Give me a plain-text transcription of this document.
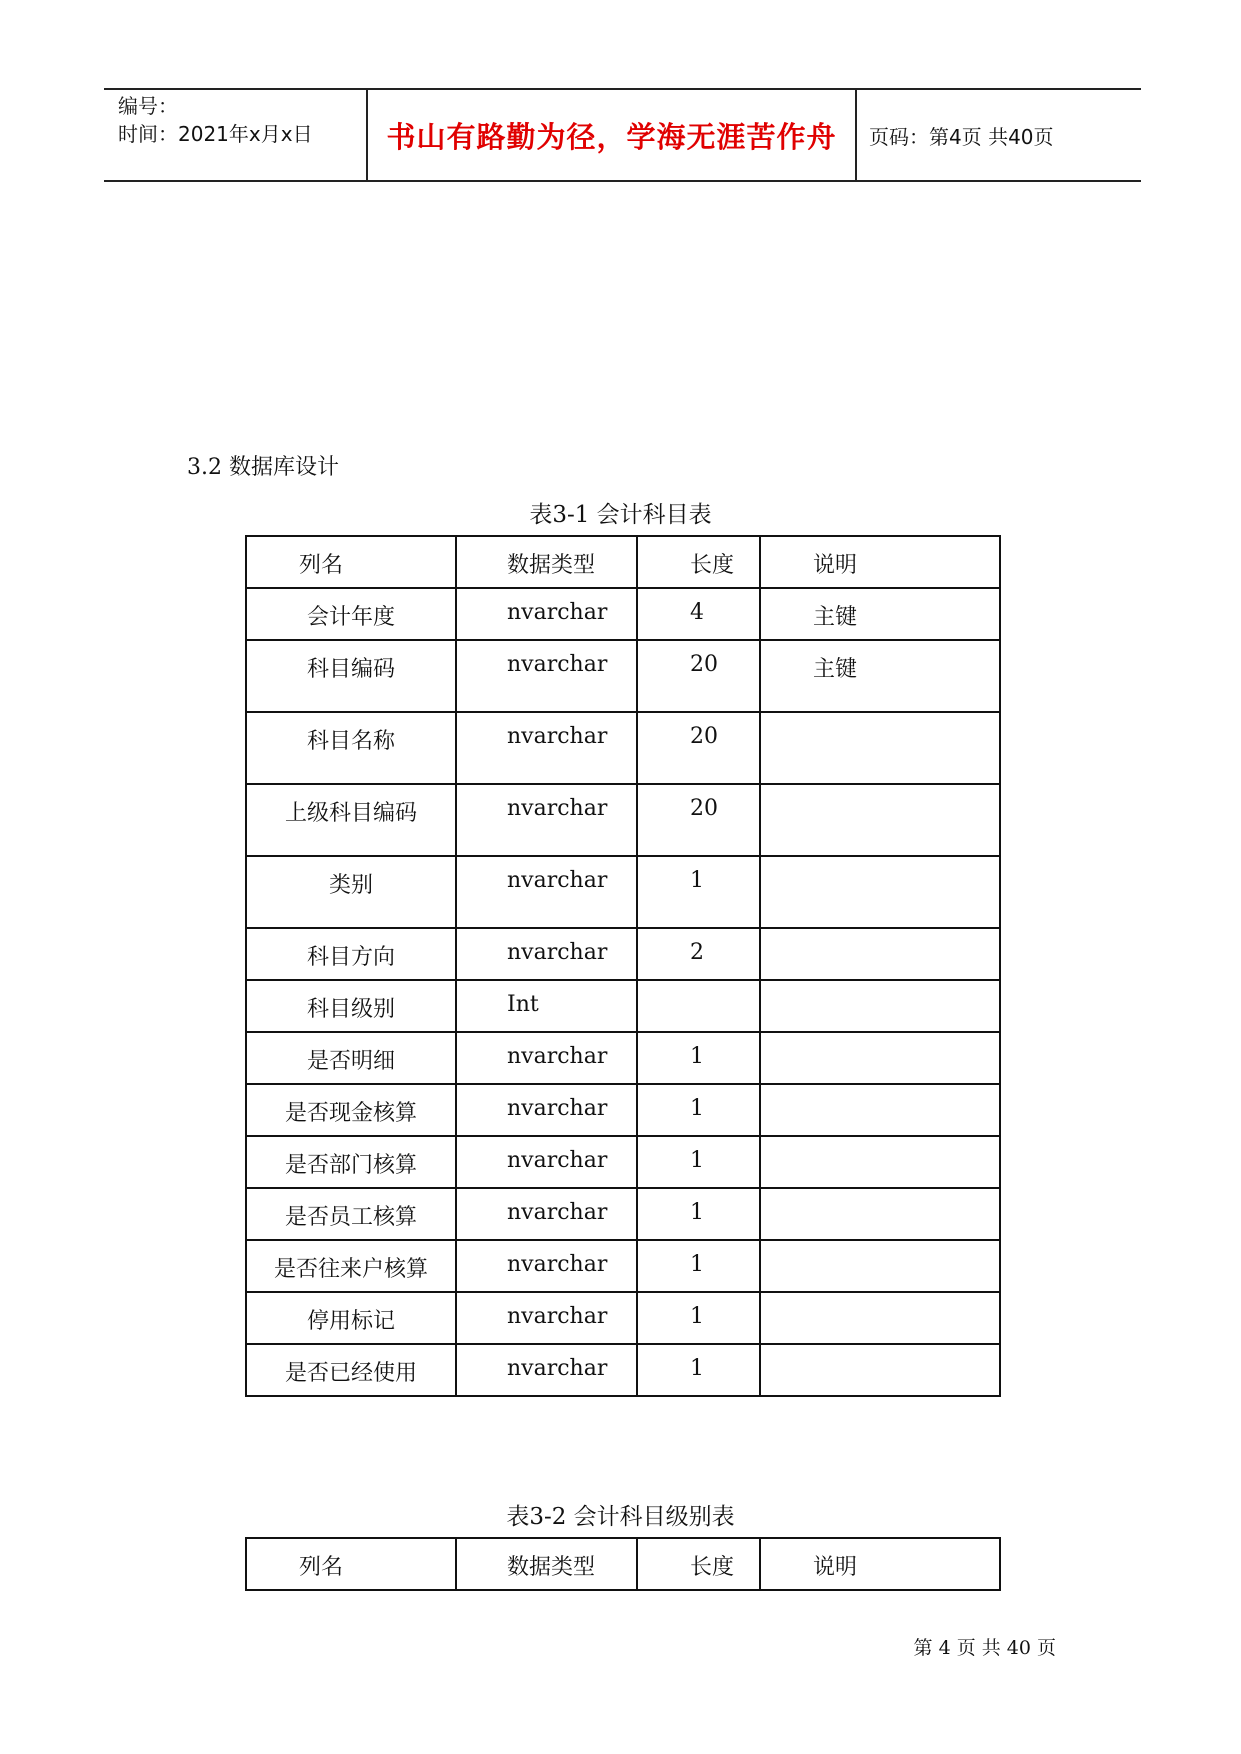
编号：
时间：2021年x月x日	书山有路勤为径，学海无涯苦作舟	页码：第4页 共40页
3.2 数据库设计
表3-1 会计科目表
列名	数据类型	长度	说明

会计年度	nvarchar	4	主键

科目编码	nvarchar	20	主键

科目名称	nvarchar	20	

上级科目编码	nvarchar	20	

类别	nvarchar	1	

科目方向	nvarchar	2	

科目级别	Int		

是否明细	nvarchar	1	

是否现金核算	nvarchar	1	

是否部门核算	nvarchar	1	

是否员工核算	nvarchar	1	

是否往来户核算	nvarchar	1	

停用标记	nvarchar	1	

是否已经使用	nvarchar	1	

表3-2 会计科目级别表
列名	数据类型	长度	说明
第 4 页 共 40 页
